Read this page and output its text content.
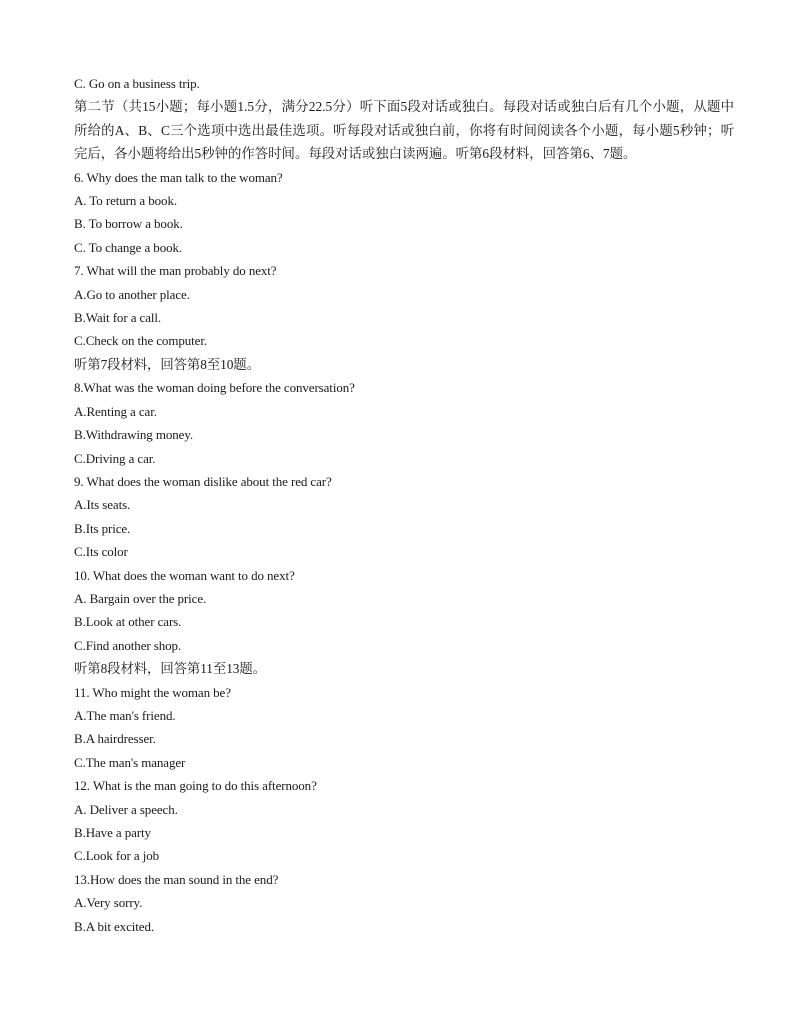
C. Go on a business trip.
第二节（共15小题；每小题1.5分，满分22.5分）听下面5段对话或独白。每段对话或独白后有几个小题，从题中所给的A、B、C三个选项中选出最佳选项。听每段对话或独白前，你将有时间阅读各个小题，每小题5秒钟；听完后，各小题将给出5秒钟的作答时间。每段对话或独白读两遍。听第6段材料，回答第6、7题。
6. Why does the man talk to the woman?
A. To return a book.
B. To borrow a book.
C. To change a book.
7. What will the man probably do next?
A.Go to another place.
B.Wait for a call.
C.Check on the computer.
听第7段材料，回答第8至10题。
8.What was the woman doing before the conversation?
A.Renting a car.
B.Withdrawing money.
C.Driving a car.
9. What does the woman dislike about the red car?
A.Its seats.
B.Its price.
C.Its color
10. What does the woman want to do next?
A. Bargain over the price.
B.Look at other cars.
C.Find another shop.
听第8段材料，回答第11至13题。
11. Who might the woman be?
A.The man's friend.
B.A hairdresser.
C.The man's manager
12. What is the man going to do this afternoon?
A. Deliver a speech.
B.Have a party
C.Look for a job
13.How does the man sound in the end?
A.Very sorry.
B.A bit excited.
